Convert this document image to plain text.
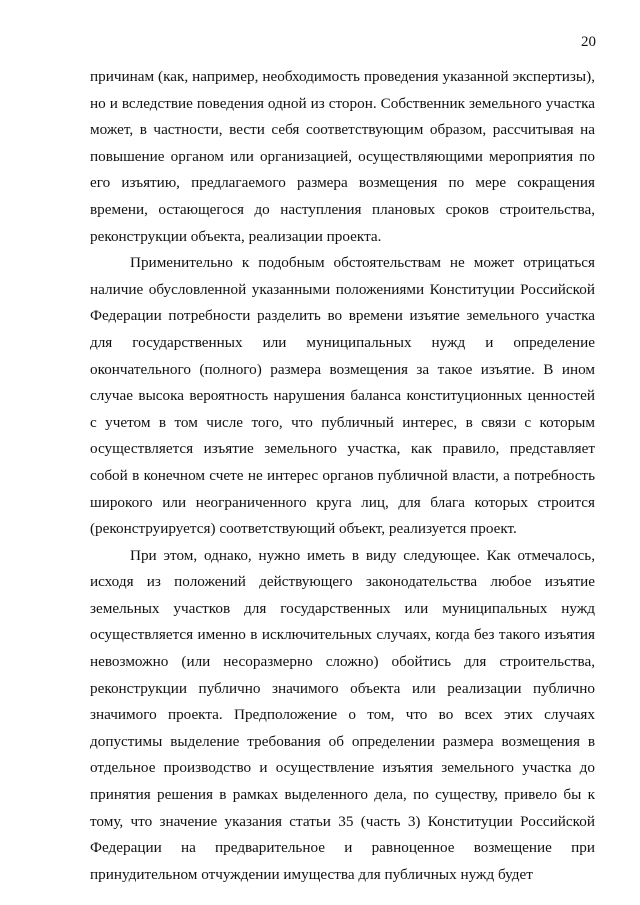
20

причинам (как, например, необходимость проведения указанной экспертизы), но и вследствие поведения одной из сторон. Собственник земельного участка может, в частности, вести себя соответствующим образом, рассчитывая на повышение органом или организацией, осуществляющими мероприятия по его изъятию, предлагаемого размера возмещения по мере сокращения времени, остающегося до наступления плановых сроков строительства, реконструкции объекта, реализации проекта.

Применительно к подобным обстоятельствам не может отрицаться наличие обусловленной указанными положениями Конституции Российской Федерации потребности разделить во времени изъятие земельного участка для государственных или муниципальных нужд и определение окончательного (полного) размера возмещения за такое изъятие. В ином случае высока вероятность нарушения баланса конституционных ценностей с учетом в том числе того, что публичный интерес, в связи с которым осуществляется изъятие земельного участка, как правило, представляет собой в конечном счете не интерес органов публичной власти, а потребность широкого или неограниченного круга лиц, для блага которых строится (реконструируется) соответствующий объект, реализуется проект.

При этом, однако, нужно иметь в виду следующее. Как отмечалось, исходя из положений действующего законодательства любое изъятие земельных участков для государственных или муниципальных нужд осуществляется именно в исключительных случаях, когда без такого изъятия невозможно (или несоразмерно сложно) обойтись для строительства, реконструкции публично значимого объекта или реализации публично значимого проекта. Предположение о том, что во всех этих случаях допустимы выделение требования об определении размера возмещения в отдельное производство и осуществление изъятия земельного участка до принятия решения в рамках выделенного дела, по существу, привело бы к тому, что значение указания статьи 35 (часть 3) Конституции Российской Федерации на предварительное и равноценное возмещение при принудительном отчуждении имущества для публичных нужд будет
